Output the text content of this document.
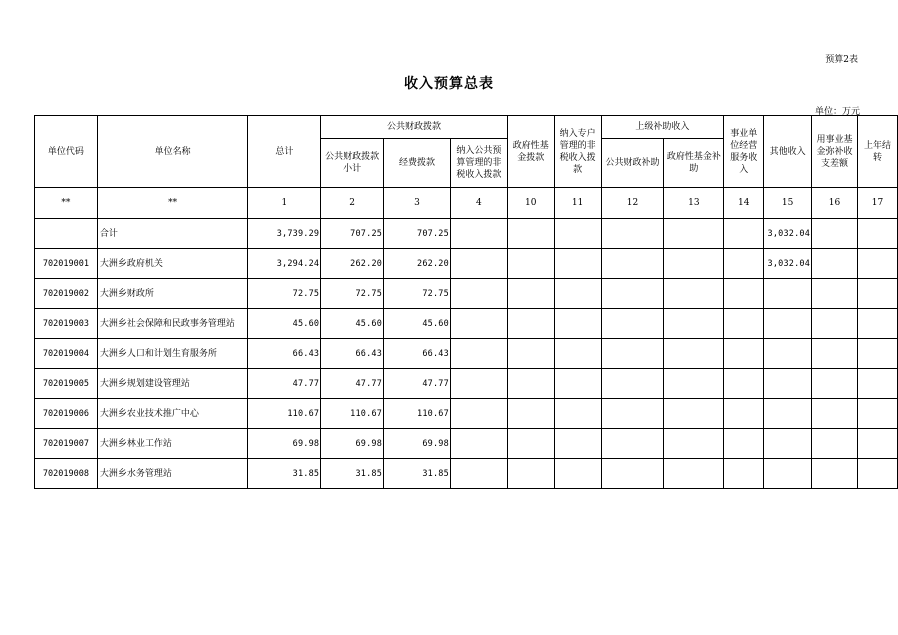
预算2表
收入预算总表
单位：万元
单位代码	单位名称	总计	公共财政拨款			政府性基金拨款	纳入专户管理的非税收入拨款	上级补助收入		事业单位经营服务收入	其他收入	用事业基金弥补收支差额	上年结转
			公共财政拨款小计	经费拨款	纳入公共预算管理的非税收入拨款								
								公共财政补助	政府性基金补助				
**	**	1	2	3	4	10	11	12	13	14	15	16	17
	合计	3,739.29	707.25	707.25							3,032.04		
702019001	大洲乡政府机关	3,294.24	262.20	262.20							3,032.04		
702019002	大洲乡财政所	72.75	72.75	72.75									
702019003	大洲乡社会保障和民政事务管理站	45.60	45.60	45.60									
702019004	大洲乡人口和计划生育服务所	66.43	66.43	66.43									
702019005	大洲乡规划建设管理站	47.77	47.77	47.77									
702019006	大洲乡农业技术推广中心	110.67	110.67	110.67									
702019007	大洲乡林业工作站	69.98	69.98	69.98									
702019008	大洲乡水务管理站	31.85	31.85	31.85									
